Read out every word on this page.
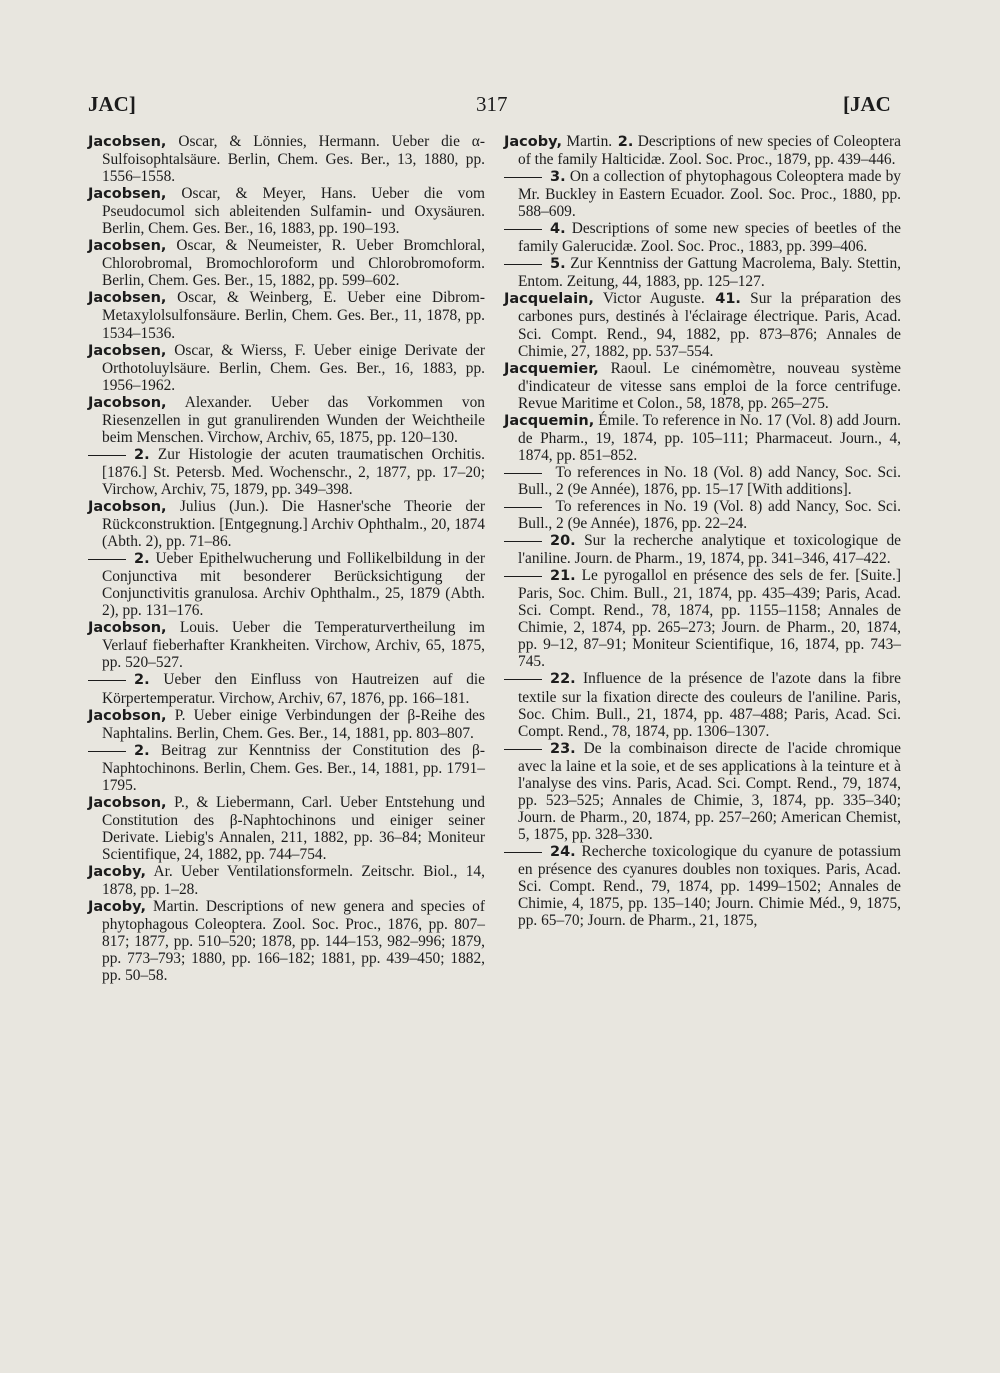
JAC]	317	[JAC

Jacobsen, Oscar, & Lönnies, Hermann. Ueber die α-Sulfoisophtalsäure. Berlin, Chem. Ges. Ber., 13, 1880, pp. 1556–1558.

Jacobsen, Oscar, & Meyer, Hans. Ueber die vom Pseudocumol sich ableitenden Sulfamin- und Oxysäuren. Berlin, Chem. Ges. Ber., 16, 1883, pp. 190–193.

Jacobsen, Oscar, & Neumeister, R. Ueber Bromchloral, Chlorobromal, Bromochloroform und Chlorobromoform. Berlin, Chem. Ges. Ber., 15, 1882, pp. 599–602.

Jacobsen, Oscar, & Weinberg, E. Ueber eine Dibrom-Metaxylolsulfonsäure. Berlin, Chem. Ges. Ber., 11, 1878, pp. 1534–1536.

Jacobsen, Oscar, & Wierss, F. Ueber einige Derivate der Orthotoluylsäure. Berlin, Chem. Ges. Ber., 16, 1883, pp. 1956–1962.

Jacobson, Alexander. Ueber das Vorkommen von Riesenzellen in gut granulirenden Wunden der Weichtheile beim Menschen. Virchow, Archiv, 65, 1875, pp. 120–130.

2. Zur Histologie der acuten traumatischen Orchitis. [1876.] St. Petersb. Med. Wochenschr., 2, 1877, pp. 17–20; Virchow, Archiv, 75, 1879, pp. 349–398.

Jacobson, Julius (Jun.). Die Hasner'sche Theorie der Rückconstruktion. [Entgegnung.] Archiv Ophthalm., 20, 1874 (Abth. 2), pp. 71–86.

2. Ueber Epithelwucherung und Follikelbildung in der Conjunctiva mit besonderer Berücksichtigung der Conjunctivitis granulosa. Archiv Ophthalm., 25, 1879 (Abth. 2), pp. 131–176.

Jacobson, Louis. Ueber die Temperaturvertheilung im Verlauf fieberhafter Krankheiten. Virchow, Archiv, 65, 1875, pp. 520–527.

2. Ueber den Einfluss von Hautreizen auf die Körpertemperatur. Virchow, Archiv, 67, 1876, pp. 166–181.

Jacobson, P. Ueber einige Verbindungen der β-Reihe des Naphtalins. Berlin, Chem. Ges. Ber., 14, 1881, pp. 803–807.

2. Beitrag zur Kenntniss der Constitution des β-Naphtochinons. Berlin, Chem. Ges. Ber., 14, 1881, pp. 1791–1795.

Jacobson, P., & Liebermann, Carl. Ueber Entstehung und Constitution des β-Naphtochinons und einiger seiner Derivate. Liebig's Annalen, 211, 1882, pp. 36–84; Moniteur Scientifique, 24, 1882, pp. 744–754.

Jacoby, Ar. Ueber Ventilationsformeln. Zeitschr. Biol., 14, 1878, pp. 1–28.

Jacoby, Martin. Descriptions of new genera and species of phytophagous Coleoptera. Zool. Soc. Proc., 1876, pp. 807–817; 1877, pp. 510–520; 1878, pp. 144–153, 982–996; 1879, pp. 773–793; 1880, pp. 166–182; 1881, pp. 439–450; 1882, pp. 50–58.

Jacoby, Martin. 2. Descriptions of new species of Coleoptera of the family Halticidæ. Zool. Soc. Proc., 1879, pp. 439–446.

3. On a collection of phytophagous Coleoptera made by Mr. Buckley in Eastern Ecuador. Zool. Soc. Proc., 1880, pp. 588–609.

4. Descriptions of some new species of beetles of the family Galerucidæ. Zool. Soc. Proc., 1883, pp. 399–406.

5. Zur Kenntniss der Gattung Macrolema, Baly. Stettin, Entom. Zeitung, 44, 1883, pp. 125–127.

Jacquelain, Victor Auguste. 41. Sur la préparation des carbones purs, destinés à l'éclairage électrique. Paris, Acad. Sci. Compt. Rend., 94, 1882, pp. 873–876; Annales de Chimie, 27, 1882, pp. 537–554.

Jacquemier, Raoul. Le cinémomètre, nouveau système d'indicateur de vitesse sans emploi de la force centrifuge. Revue Maritime et Colon., 58, 1878, pp. 265–275.

Jacquemin, Émile. To reference in No. 17 (Vol. 8) add Journ. de Pharm., 19, 1874, pp. 105–111; Pharmaceut. Journ., 4, 1874, pp. 851–852.

To references in No. 18 (Vol. 8) add Nancy, Soc. Sci. Bull., 2 (9e Année), 1876, pp. 15–17 [With additions].

To references in No. 19 (Vol. 8) add Nancy, Soc. Sci. Bull., 2 (9e Année), 1876, pp. 22–24.

20. Sur la recherche analytique et toxicologique de l'aniline. Journ. de Pharm., 19, 1874, pp. 341–346, 417–422.

21. Le pyrogallol en présence des sels de fer. [Suite.] Paris, Soc. Chim. Bull., 21, 1874, pp. 435–439; Paris, Acad. Sci. Compt. Rend., 78, 1874, pp. 1155–1158; Annales de Chimie, 2, 1874, pp. 265–273; Journ. de Pharm., 20, 1874, pp. 9–12, 87–91; Moniteur Scientifique, 16, 1874, pp. 743–745.

22. Influence de la présence de l'azote dans la fibre textile sur la fixation directe des couleurs de l'aniline. Paris, Soc. Chim. Bull., 21, 1874, pp. 487–488; Paris, Acad. Sci. Compt. Rend., 78, 1874, pp. 1306–1307.

23. De la combinaison directe de l'acide chromique avec la laine et la soie, et de ses applications à la teinture et à l'analyse des vins. Paris, Acad. Sci. Compt. Rend., 79, 1874, pp. 523–525; Annales de Chimie, 3, 1874, pp. 335–340; Journ. de Pharm., 20, 1874, pp. 257–260; American Chemist, 5, 1875, pp. 328–330.

24. Recherche toxicologique du cyanure de potassium en présence des cyanures doubles non toxiques. Paris, Acad. Sci. Compt. Rend., 79, 1874, pp. 1499–1502; Annales de Chimie, 4, 1875, pp. 135–140; Journ. Chimie Méd., 9, 1875, pp. 65–70; Journ. de Pharm., 21, 1875,
